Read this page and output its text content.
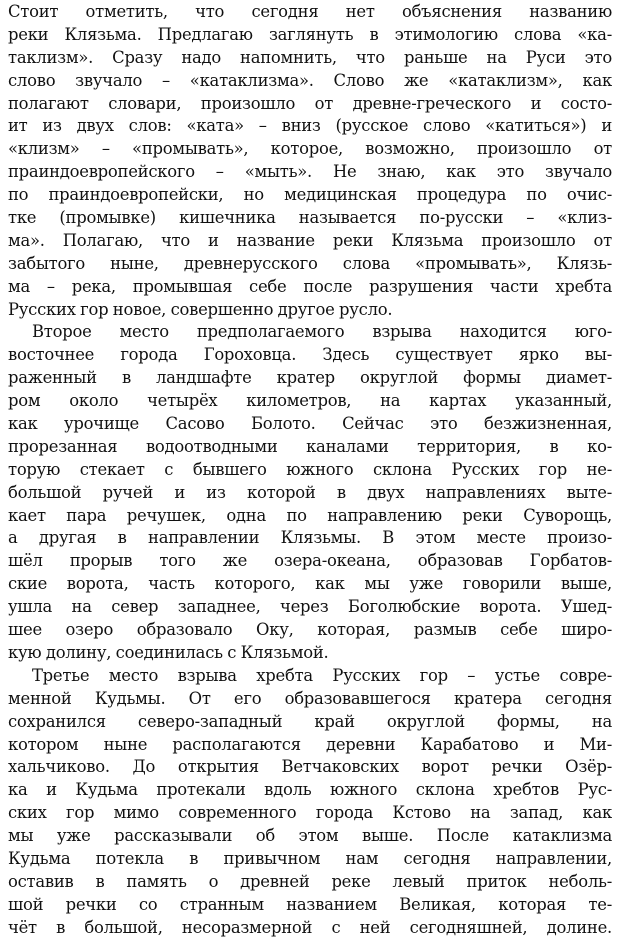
Стоит отметить, что сегодня нет объяснения названию
реки Клязьма. Предлагаю заглянуть в этимологию слова «ка-
таклизм». Сразу надо напомнить, что раньше на Руси это
слово звучало – «катаклизма». Слово же «катаклизм», как
полагают словари, произошло от древне-греческого и состо-
ит из двух слов: «ката» – вниз (русское слово «катиться») и
«клизм» – «промывать», которое, возможно, произошло от
праиндоевропейского – «мыть». Не знаю, как это звучало
по праиндоевропейски, но медицинская процедура по очис-
тке (промывке) кишечника называется по-русски – «клиз-
ма». Полагаю, что и название реки Клязьма произошло от
забытого ныне, древнерусского слова «промывать», Клязь-
ма – река, промывшая себе после разрушения части хребта
Русских гор новое, совершенно другое русло.

Второе место предполагаемого взрыва находится юго-
восточнее города Гороховца. Здесь существует ярко вы-
раженный в ландшафте кратер округлой формы диамет-
ром около четырёх километров, на картах указанный,
как урочище Сасово Болото. Сейчас это безжизненная,
прорезанная водоотводными каналами территория, в ко-
торую стекает с бывшего южного склона Русских гор не-
большой ручей и из которой в двух направлениях выте-
кает пара речушек, одна по направлению реки Суворощь,
а другая в направлении Клязьмы. В этом месте произо-
шёл прорыв того же озера-океана, образовав Горбатов-
ские ворота, часть которого, как мы уже говорили выше,
ушла на север западнее, через Боголюбские ворота. Ушед-
шее озеро образовало Оку, которая, размыв себе широ-
кую долину, соединилась с Клязьмой.

Третье место взрыва хребта Русских гор – устье совре-
менной Кудьмы. От его образовавшегося кратера сегодня
сохранился северо-западный край округлой формы, на
котором ныне располагаются деревни Карабатово и Ми-
хальчиково. До открытия Ветчаковских ворот речки Озёр-
ка и Кудьма протекали вдоль южного склона хребтов Рус-
ских гор мимо современного города Кстово на запад, как
мы уже рассказывали об этом выше. После катаклизма
Кудьма потекла в привычном нам сегодня направлении,
оставив в память о древней реке левый приток неболь-
шой речки со странным названием Великая, которая те-
чёт в большой, несоразмерной с ней сегодняшней, долине.
